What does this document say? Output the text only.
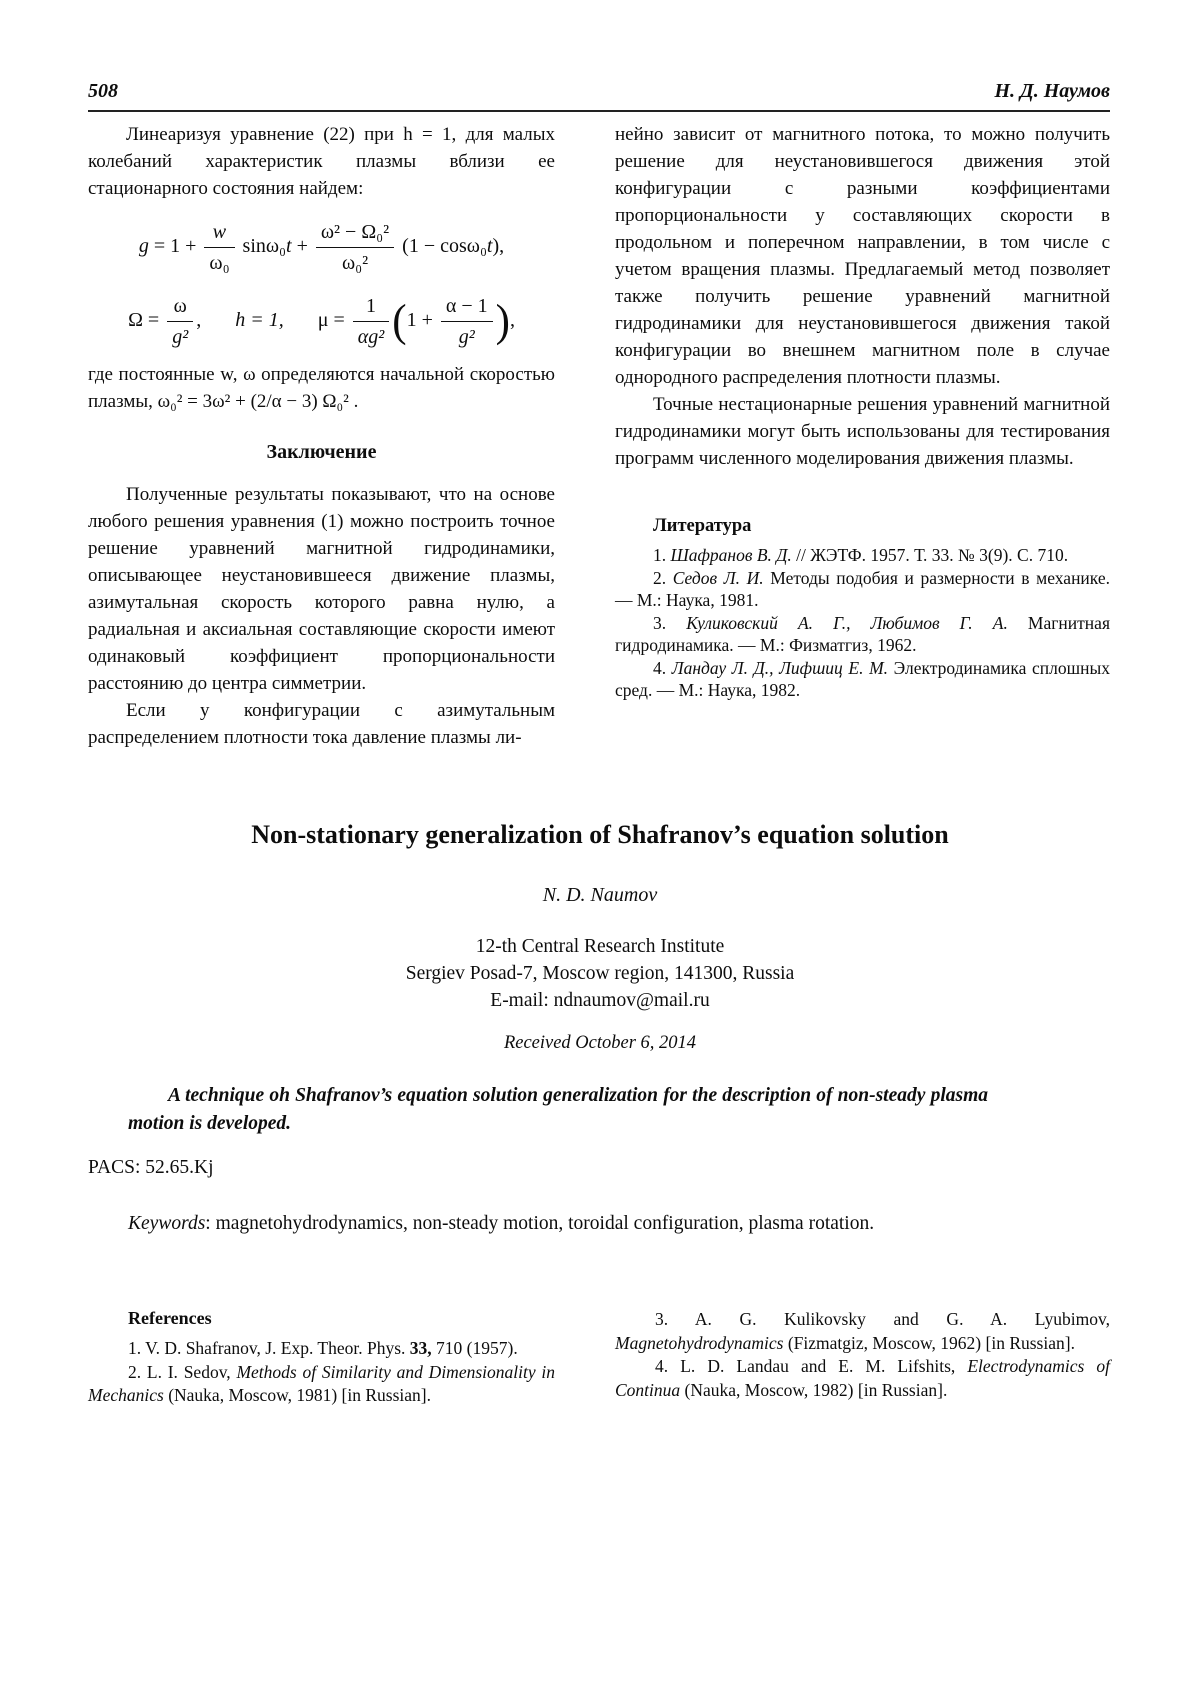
508	Н. Д. Наумов

Линеаризуя уравнение (22) при h = 1, для малых колебаний характеристик плазмы вблизи ее стационарного состояния найдем:

$g = 1 + \frac{w}{\text{ω₀}} \sin\omega_0t + \frac{\text{ω² − Ω₀²}}{\text{ω₀²}} (1 - \cos\omega_0t)$,
$\Omega = \frac{\omega}{\text{g²}}$ , h = 1, $\mu = \frac{1}{\text{αg²}} (1 + \frac{\alpha - 1}{\text{g²}}$ ),

где постоянные w, ω определяются начальной скоростью плазмы, ω₀² = 3ω² + (2/α − 3) Ω₀² .

Заключение

Полученные результаты показывают, что на основе любого решения уравнения (1) можно построить точное решение уравнений магнитной гидродинамики, описывающее неустановившееся движение плазмы, азимутальная скорость которого равна нулю, а радиальная и аксиальная составляющие скорости имеют одинаковый коэффициент пропорциональности расстоянию до центра симметрии.

Если у конфигурации с азимутальным распределением плотности тока давление плазмы ли-

нейно зависит от магнитного потока, то можно получить решение для неустановившегося движения этой конфигурации с разными коэффициентами пропорциональности у составляющих скорости в продольном и поперечном направлении, в том числе с учетом вращения плазмы. Предлагаемый метод позволяет также получить решение уравнений магнитной гидродинамики для неустановившегося движения такой конфигурации во внешнем магнитном поле в случае однородного распределения плотности плазмы.

Точные нестационарные решения уравнений магнитной гидродинамики могут быть использованы для тестирования программ численного моделирования движения плазмы.

Литература

1. Шафранов В. Д. // ЖЭТФ. 1957. Т. 33. № 3(9). С. 710.

2. Седов Л. И. Методы подобия и размерности в механике. — М.: Наука, 1981.

3. Куликовский А. Г., Любимов Г. А. Магнитная гидродинамика. — М.: Физматгиз, 1962.

4. Ландау Л. Д., Лифшиц Е. М. Электродинамика сплошных сред. — М.: Наука, 1982.

Non-stationary generalization of Shafranov’s equation solution
N. D. Naumov
12-th Central Research Institute
Sergiev Posad-7, Moscow region, 141300, Russia
E-mail: ndnaumov@mail.ru
Received October 6, 2014
A technique oh Shafranov’s equation solution generalization for the description of non-steady plasma motion is developed.
PACS: 52.65.Kj
Keywords: magnetohydrodynamics, non-steady motion, toroidal configuration, plasma rotation.
References

1. V. D. Shafranov, J. Exp. Theor. Phys. 33, 710 (1957).

2. L. I. Sedov, Methods of Similarity and Dimensionality in Mechanics (Nauka, Moscow, 1981) [in Russian].

3. A. G. Kulikovsky and G. A. Lyubimov, Magnetohydrodynamics (Fizmatgiz, Moscow, 1962) [in Russian].

4. L. D. Landau and E. M. Lifshits, Electrodynamics of Continua (Nauka, Moscow, 1982) [in Russian].
